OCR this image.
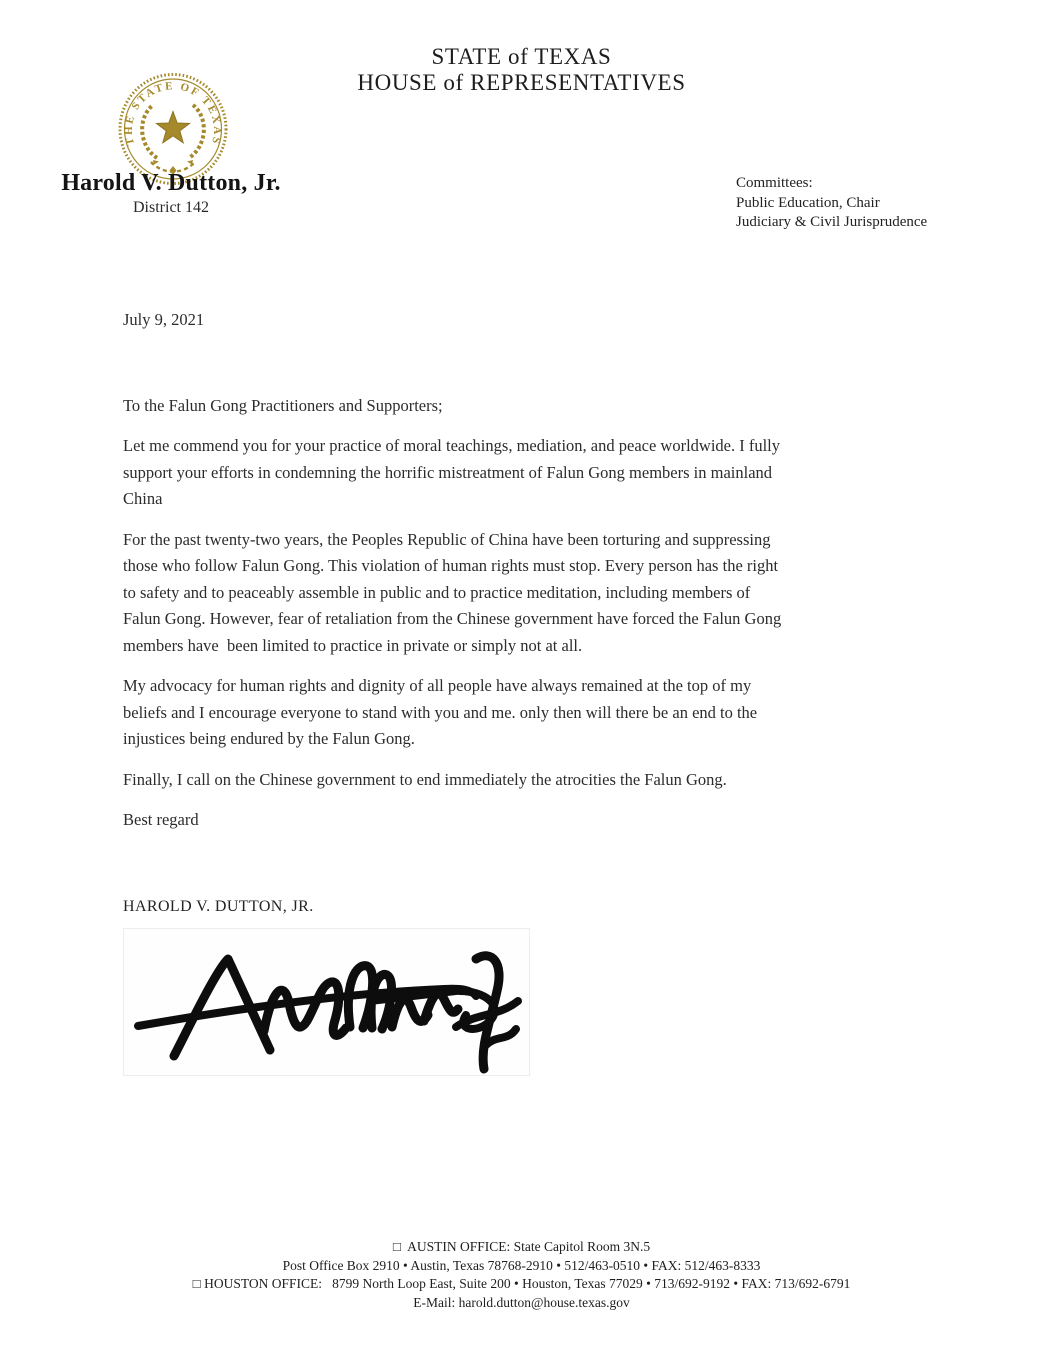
STATE of TEXAS
HOUSE of REPRESENTATIVES
THE STATE OF TEXAS
Harold V. Dutton, Jr.
District 142
Committees:
Public Education, Chair
Judiciary & Civil Jurisprudence
July 9, 2021
To the Falun Gong Practitioners and Supporters;

Let me commend you for your practice of moral teachings, mediation, and peace worldwide. I fully
support your efforts in condemning the horrific mistreatment of Falun Gong members in mainland
China

For the past twenty-two years, the Peoples Republic of China have been torturing and suppressing
those who follow Falun Gong. This violation of human rights must stop. Every person has the right
to safety and to peaceably assemble in public and to practice meditation, including members of
Falun Gong. However, fear of retaliation from the Chinese government have forced the Falun Gong
members have  been limited to practice in private or simply not at all.

My advocacy for human rights and dignity of all people have always remained at the top of my
beliefs and I encourage everyone to stand with you and me. only then will there be an end to the
injustices being endured by the Falun Gong.

Finally, I call on the Chinese government to end immediately the atrocities the Falun Gong.

Best regard
HAROLD V. DUTTON, JR.
□  AUSTIN OFFICE: State Capitol Room 3N.5
Post Office Box 2910 • Austin, Texas 78768-2910 • 512/463-0510 • FAX: 512/463-8333
□ HOUSTON OFFICE:   8799 North Loop East, Suite 200 • Houston, Texas 77029 • 713/692-9192 • FAX: 713/692-6791
E-Mail: harold.dutton@house.texas.gov
